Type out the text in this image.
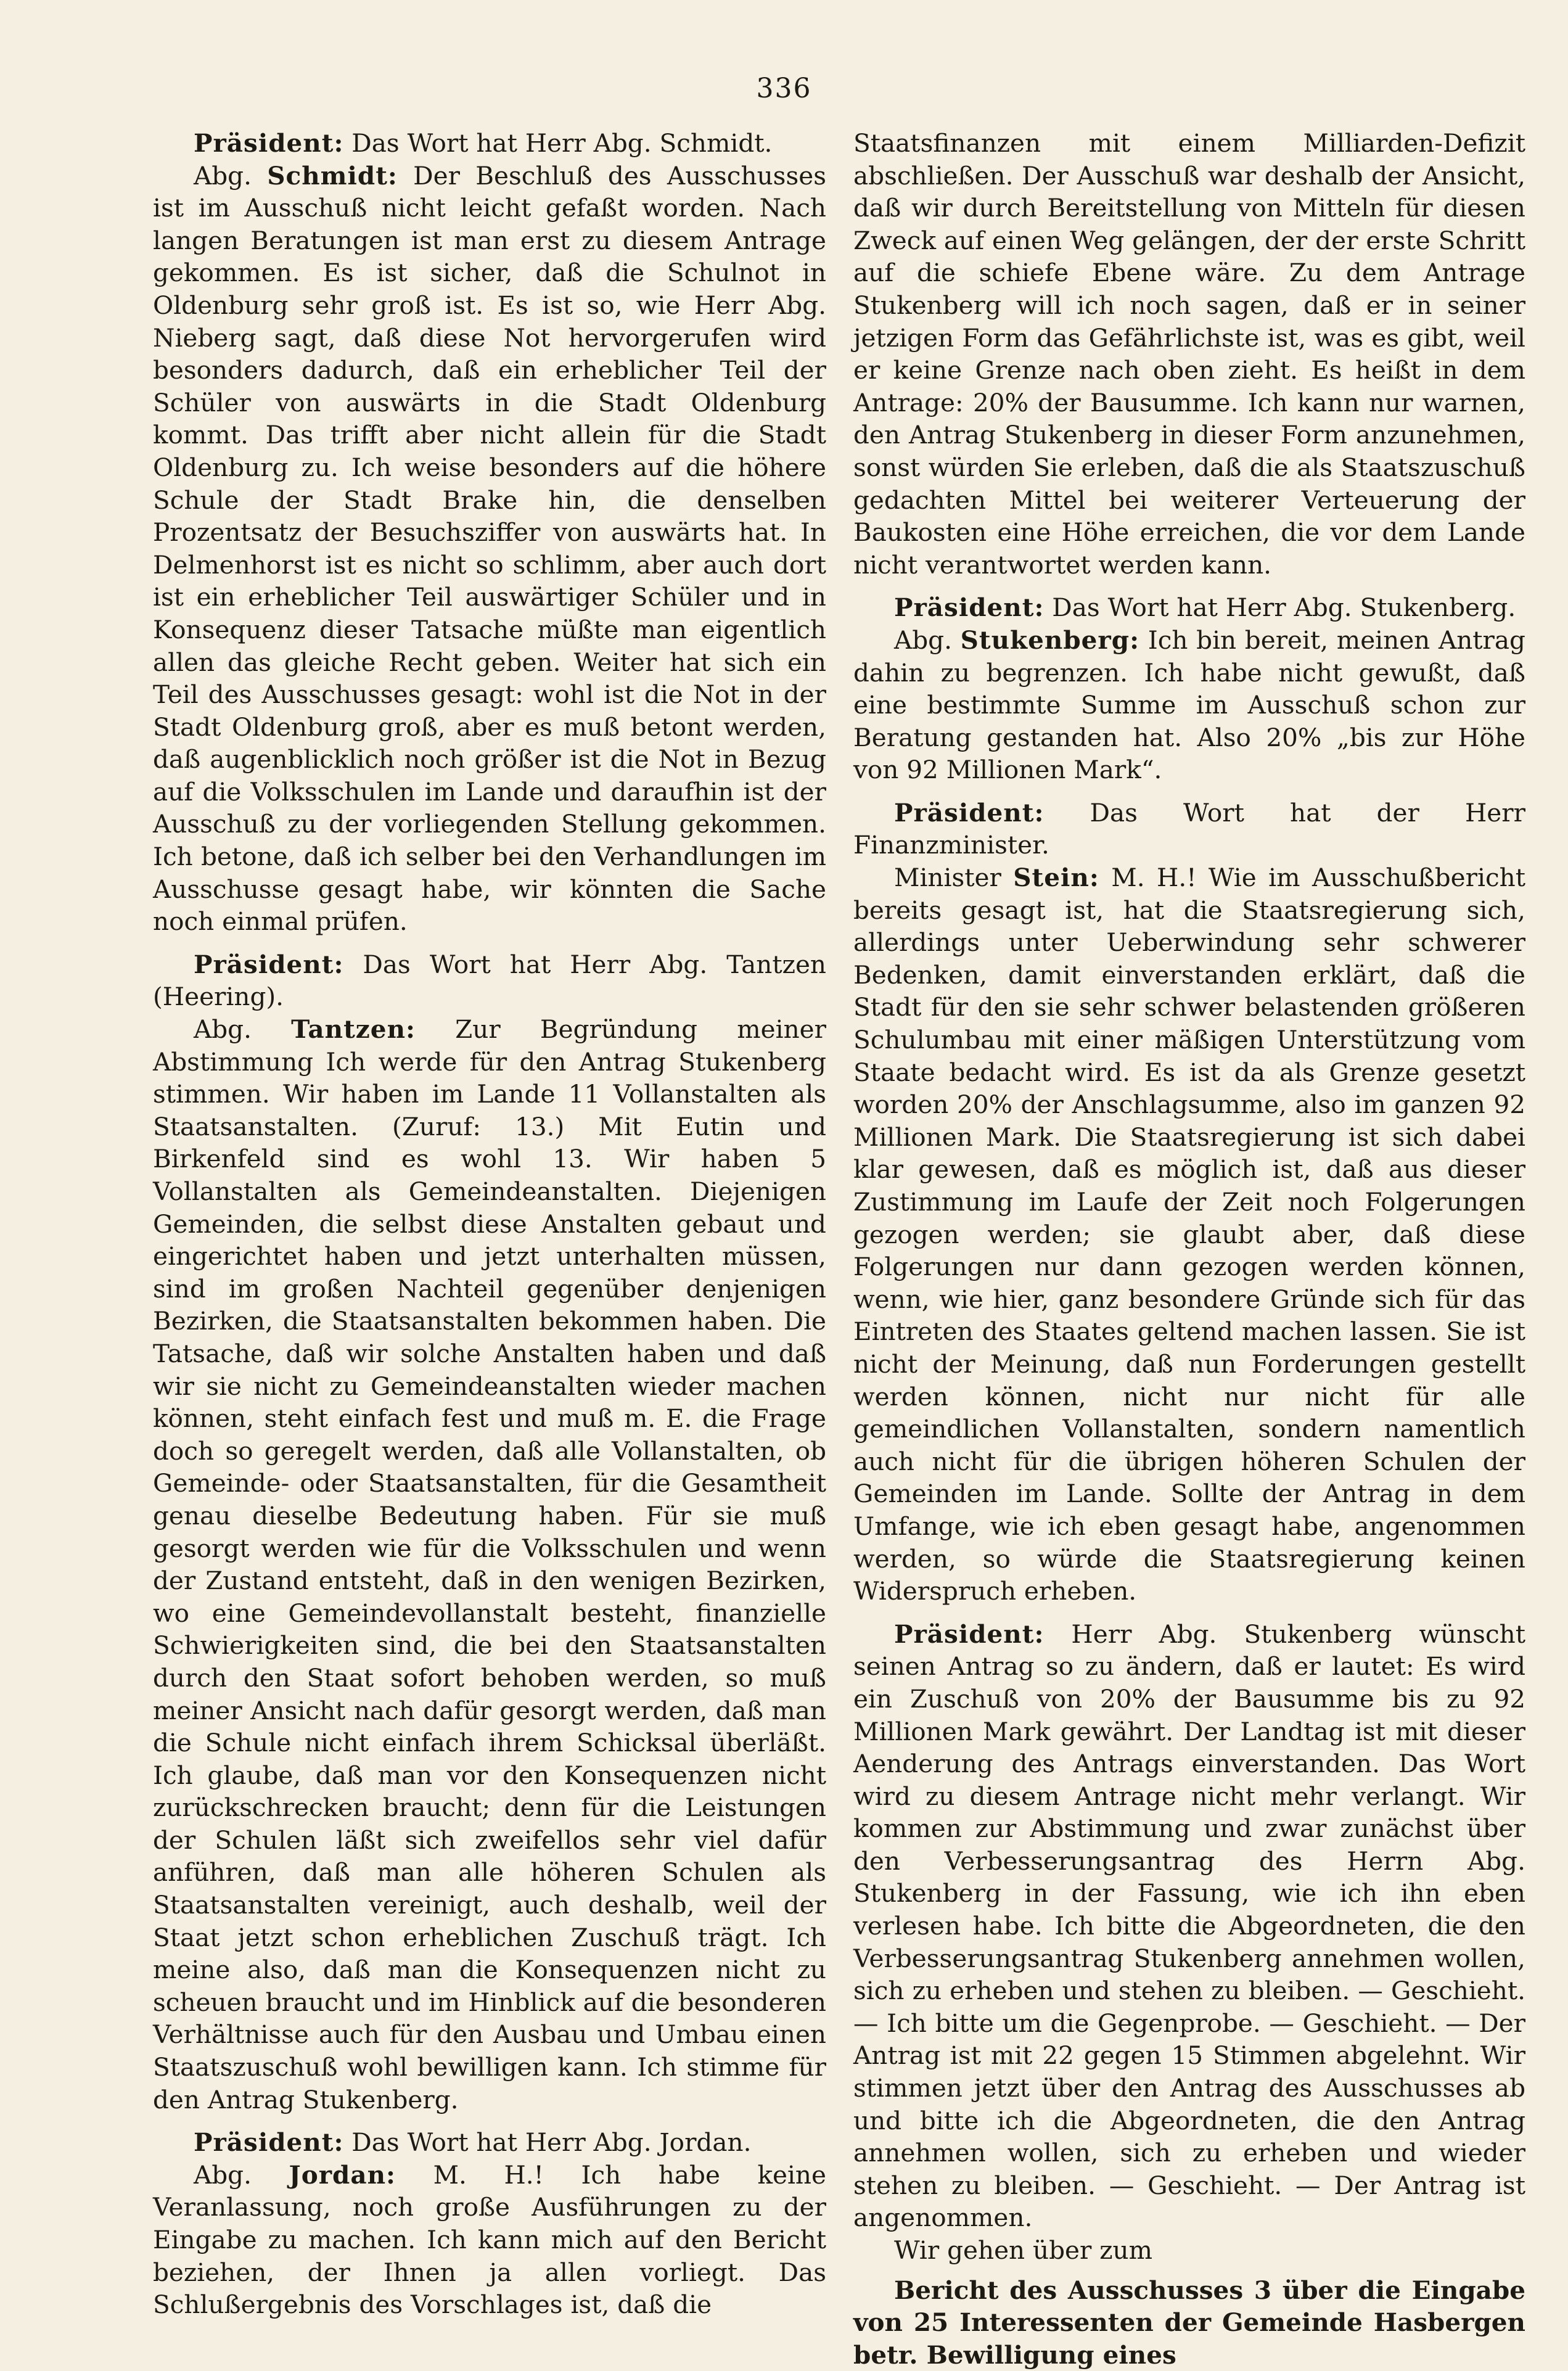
336

Präsident: Das Wort hat Herr Abg. Schmidt.

Abg. Schmidt: Der Beschluß des Ausschusses ist im Ausschuß nicht leicht gefaßt worden. Nach langen Beratungen ist man erst zu diesem Antrage gekommen. Es ist sicher, daß die Schulnot in Oldenburg sehr groß ist. Es ist so, wie Herr Abg. Nieberg sagt, daß diese Not hervorgerufen wird besonders dadurch, daß ein erheblicher Teil der Schüler von auswärts in die Stadt Oldenburg kommt. Das trifft aber nicht allein für die Stadt Oldenburg zu. Ich weise besonders auf die höhere Schule der Stadt Brake hin, die denselben Prozentsatz der Besuchsziffer von auswärts hat. In Delmenhorst ist es nicht so schlimm, aber auch dort ist ein erheblicher Teil auswärtiger Schüler und in Konsequenz dieser Tatsache müßte man eigentlich allen das gleiche Recht geben. Weiter hat sich ein Teil des Ausschusses gesagt: wohl ist die Not in der Stadt Oldenburg groß, aber es muß betont werden, daß augenblicklich noch größer ist die Not in Bezug auf die Volksschulen im Lande und daraufhin ist der Ausschuß zu der vorliegenden Stellung gekommen. Ich betone, daß ich selber bei den Verhandlungen im Ausschusse gesagt habe, wir könnten die Sache noch einmal prüfen.

Präsident: Das Wort hat Herr Abg. Tantzen (Heering).

Abg. Tantzen: Zur Begründung meiner Abstimmung Ich werde für den Antrag Stukenberg stimmen. Wir haben im Lande 11 Vollanstalten als Staatsanstalten. (Zuruf: 13.) Mit Eutin und Birkenfeld sind es wohl 13. Wir haben 5 Vollanstalten als Gemeindeanstalten. Diejenigen Gemeinden, die selbst diese Anstalten gebaut und eingerichtet haben und jetzt unterhalten müssen, sind im großen Nachteil gegenüber denjenigen Bezirken, die Staatsanstalten bekommen haben. Die Tatsache, daß wir solche Anstalten haben und daß wir sie nicht zu Gemeindeanstalten wieder machen können, steht einfach fest und muß m. E. die Frage doch so geregelt werden, daß alle Vollanstalten, ob Gemeinde- oder Staatsanstalten, für die Gesamtheit genau dieselbe Bedeutung haben. Für sie muß gesorgt werden wie für die Volksschulen und wenn der Zustand entsteht, daß in den wenigen Bezirken, wo eine Gemeindevollanstalt besteht, finanzielle Schwierigkeiten sind, die bei den Staatsanstalten durch den Staat sofort behoben werden, so muß meiner Ansicht nach dafür gesorgt werden, daß man die Schule nicht einfach ihrem Schicksal überläßt. Ich glaube, daß man vor den Konsequenzen nicht zurückschrecken braucht; denn für die Leistungen der Schulen läßt sich zweifellos sehr viel dafür anführen, daß man alle höheren Schulen als Staatsanstalten vereinigt, auch deshalb, weil der Staat jetzt schon erheblichen Zuschuß trägt. Ich meine also, daß man die Konsequenzen nicht zu scheuen braucht und im Hinblick auf die besonderen Verhältnisse auch für den Ausbau und Umbau einen Staatszuschuß wohl bewilligen kann. Ich stimme für den Antrag Stukenberg.

Präsident: Das Wort hat Herr Abg. Jordan.

Abg. Jordan: M. H.! Ich habe keine Veranlassung, noch große Ausführungen zu der Eingabe zu machen. Ich kann mich auf den Bericht beziehen, der Ihnen ja allen vorliegt. Das Schlußergebnis des Vorschlages ist, daß die

Staatsfinanzen mit einem Milliarden-Defizit abschließen. Der Ausschuß war deshalb der Ansicht, daß wir durch Bereitstellung von Mitteln für diesen Zweck auf einen Weg gelängen, der der erste Schritt auf die schiefe Ebene wäre. Zu dem Antrage Stukenberg will ich noch sagen, daß er in seiner jetzigen Form das Gefährlichste ist, was es gibt, weil er keine Grenze nach oben zieht. Es heißt in dem Antrage: 20% der Bausumme. Ich kann nur warnen, den Antrag Stukenberg in dieser Form anzunehmen, sonst würden Sie erleben, daß die als Staatszuschuß gedachten Mittel bei weiterer Verteuerung der Baukosten eine Höhe erreichen, die vor dem Lande nicht verantwortet werden kann.

Präsident: Das Wort hat Herr Abg. Stukenberg.

Abg. Stukenberg: Ich bin bereit, meinen Antrag dahin zu begrenzen. Ich habe nicht gewußt, daß eine bestimmte Summe im Ausschuß schon zur Beratung gestanden hat. Also 20% „bis zur Höhe von 92 Millionen Mark“.

Präsident: Das Wort hat der Herr Finanzminister.

Minister Stein: M. H.! Wie im Ausschußbericht bereits gesagt ist, hat die Staatsregierung sich, allerdings unter Ueberwindung sehr schwerer Bedenken, damit einverstanden erklärt, daß die Stadt für den sie sehr schwer belastenden größeren Schulumbau mit einer mäßigen Unterstützung vom Staate bedacht wird. Es ist da als Grenze gesetzt worden 20% der Anschlagsumme, also im ganzen 92 Millionen Mark. Die Staatsregierung ist sich dabei klar gewesen, daß es möglich ist, daß aus dieser Zustimmung im Laufe der Zeit noch Folgerungen gezogen werden; sie glaubt aber, daß diese Folgerungen nur dann gezogen werden können, wenn, wie hier, ganz besondere Gründe sich für das Eintreten des Staates geltend machen lassen. Sie ist nicht der Meinung, daß nun Forderungen gestellt werden können, nicht nur nicht für alle gemeindlichen Vollanstalten, sondern namentlich auch nicht für die übrigen höheren Schulen der Gemeinden im Lande. Sollte der Antrag in dem Umfange, wie ich eben gesagt habe, angenommen werden, so würde die Staatsregierung keinen Widerspruch erheben.

Präsident: Herr Abg. Stukenberg wünscht seinen Antrag so zu ändern, daß er lautet: Es wird ein Zuschuß von 20% der Bausumme bis zu 92 Millionen Mark gewährt. Der Landtag ist mit dieser Aenderung des Antrags einverstanden. Das Wort wird zu diesem Antrage nicht mehr verlangt. Wir kommen zur Abstimmung und zwar zunächst über den Verbesserungsantrag des Herrn Abg. Stukenberg in der Fassung, wie ich ihn eben verlesen habe. Ich bitte die Abgeordneten, die den Verbesserungsantrag Stukenberg annehmen wollen, sich zu erheben und stehen zu bleiben. — Geschieht. — Ich bitte um die Gegenprobe. — Geschieht. — Der Antrag ist mit 22 gegen 15 Stimmen abgelehnt. Wir stimmen jetzt über den Antrag des Ausschusses ab und bitte ich die Abgeordneten, die den Antrag annehmen wollen, sich zu erheben und wieder stehen zu bleiben. — Geschieht. — Der Antrag ist angenommen.

Wir gehen über zum

Bericht des Ausschusses 3 über die Eingabe von 25 Interessenten der Gemeinde Hasbergen betr. Bewilligung eines
